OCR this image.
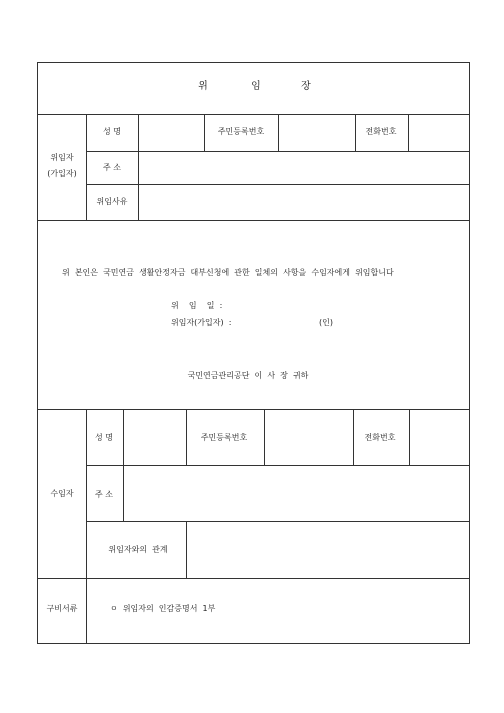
위	임	장
위임자
(가입자)
성 명	주민등록번호	전화번호
주 소
위임사유
위  본인은  국민연금  생활안정자금  대부신청에  관한  일체의  사항을  수임자에게  위임합니다
위    임    일  :
위임자(가입자)  :	(인)
국민연금관리공단  이  사  장  귀하
수임자
성 명	주민등록번호	전화번호
주 소
위임자와의  관계
구비서류	ㅇ  위임자의  인감증명서  1부
